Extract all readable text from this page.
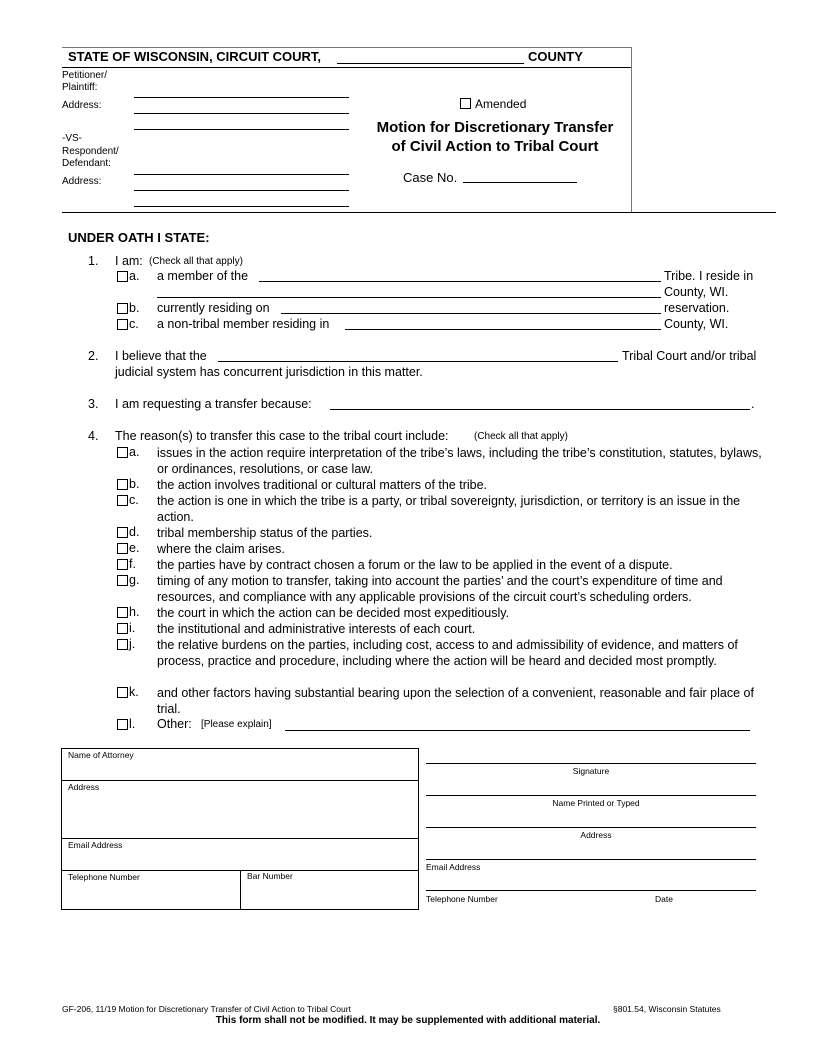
STATE OF WISCONSIN, CIRCUIT COURT,	COUNTY
Petitioner/ Plaintiff:
Address:
-VS-
Respondent/ Defendant:
Address:
Amended
Motion for Discretionary Transfer
of Civil Action to Tribal Court
Case No.
UNDER OATH I STATE:
1. I am: (Check all that apply)
a. a member of the	Tribe. I reside in
County, WI.
b. currently residing on	reservation.
c. a non-tribal member residing in	County, WI.
2. I believe that the	Tribal Court and/or tribal
judicial system has concurrent jurisdiction in this matter.
3. I am requesting a transfer because:	.
4. The reason(s) to transfer this case to the tribal court include:	(Check all that apply)
a. issues in the action require interpretation of the tribe’s laws, including the tribe’s constitution, statutes, bylaws, or ordinances, resolutions, or case law.
b. the action involves traditional or cultural matters of the tribe.
c. the action is one in which the tribe is a party, or tribal sovereignty, jurisdiction, or territory is an issue in the action.
d. tribal membership status of the parties.
e. where the claim arises.
f. the parties have by contract chosen a forum or the law to be applied in the event of a dispute.
g. timing of any motion to transfer, taking into account the parties’ and the court’s expenditure of time and resources, and compliance with any applicable provisions of the circuit court’s scheduling orders.
h. the court in which the action can be decided most expeditiously.
i. the institutional and administrative interests of each court.
j. the relative burdens on the parties, including cost, access to and admissibility of evidence, and matters of process, practice and procedure, including where the action will be heard and decided most promptly.
k. and other factors having substantial bearing upon the selection of a convenient, reasonable and fair place of trial.
l. Other: [Please explain]
Name of Attorney
Address
Email Address
Telephone Number	Bar Number
Signature
Name Printed or Typed
Address
Email Address
Telephone Number	Date
GF-206, 11/19 Motion for Discretionary Transfer of Civil Action to Tribal Court	§801.54, Wisconsin Statutes
This form shall not be modified. It may be supplemented with additional material.
